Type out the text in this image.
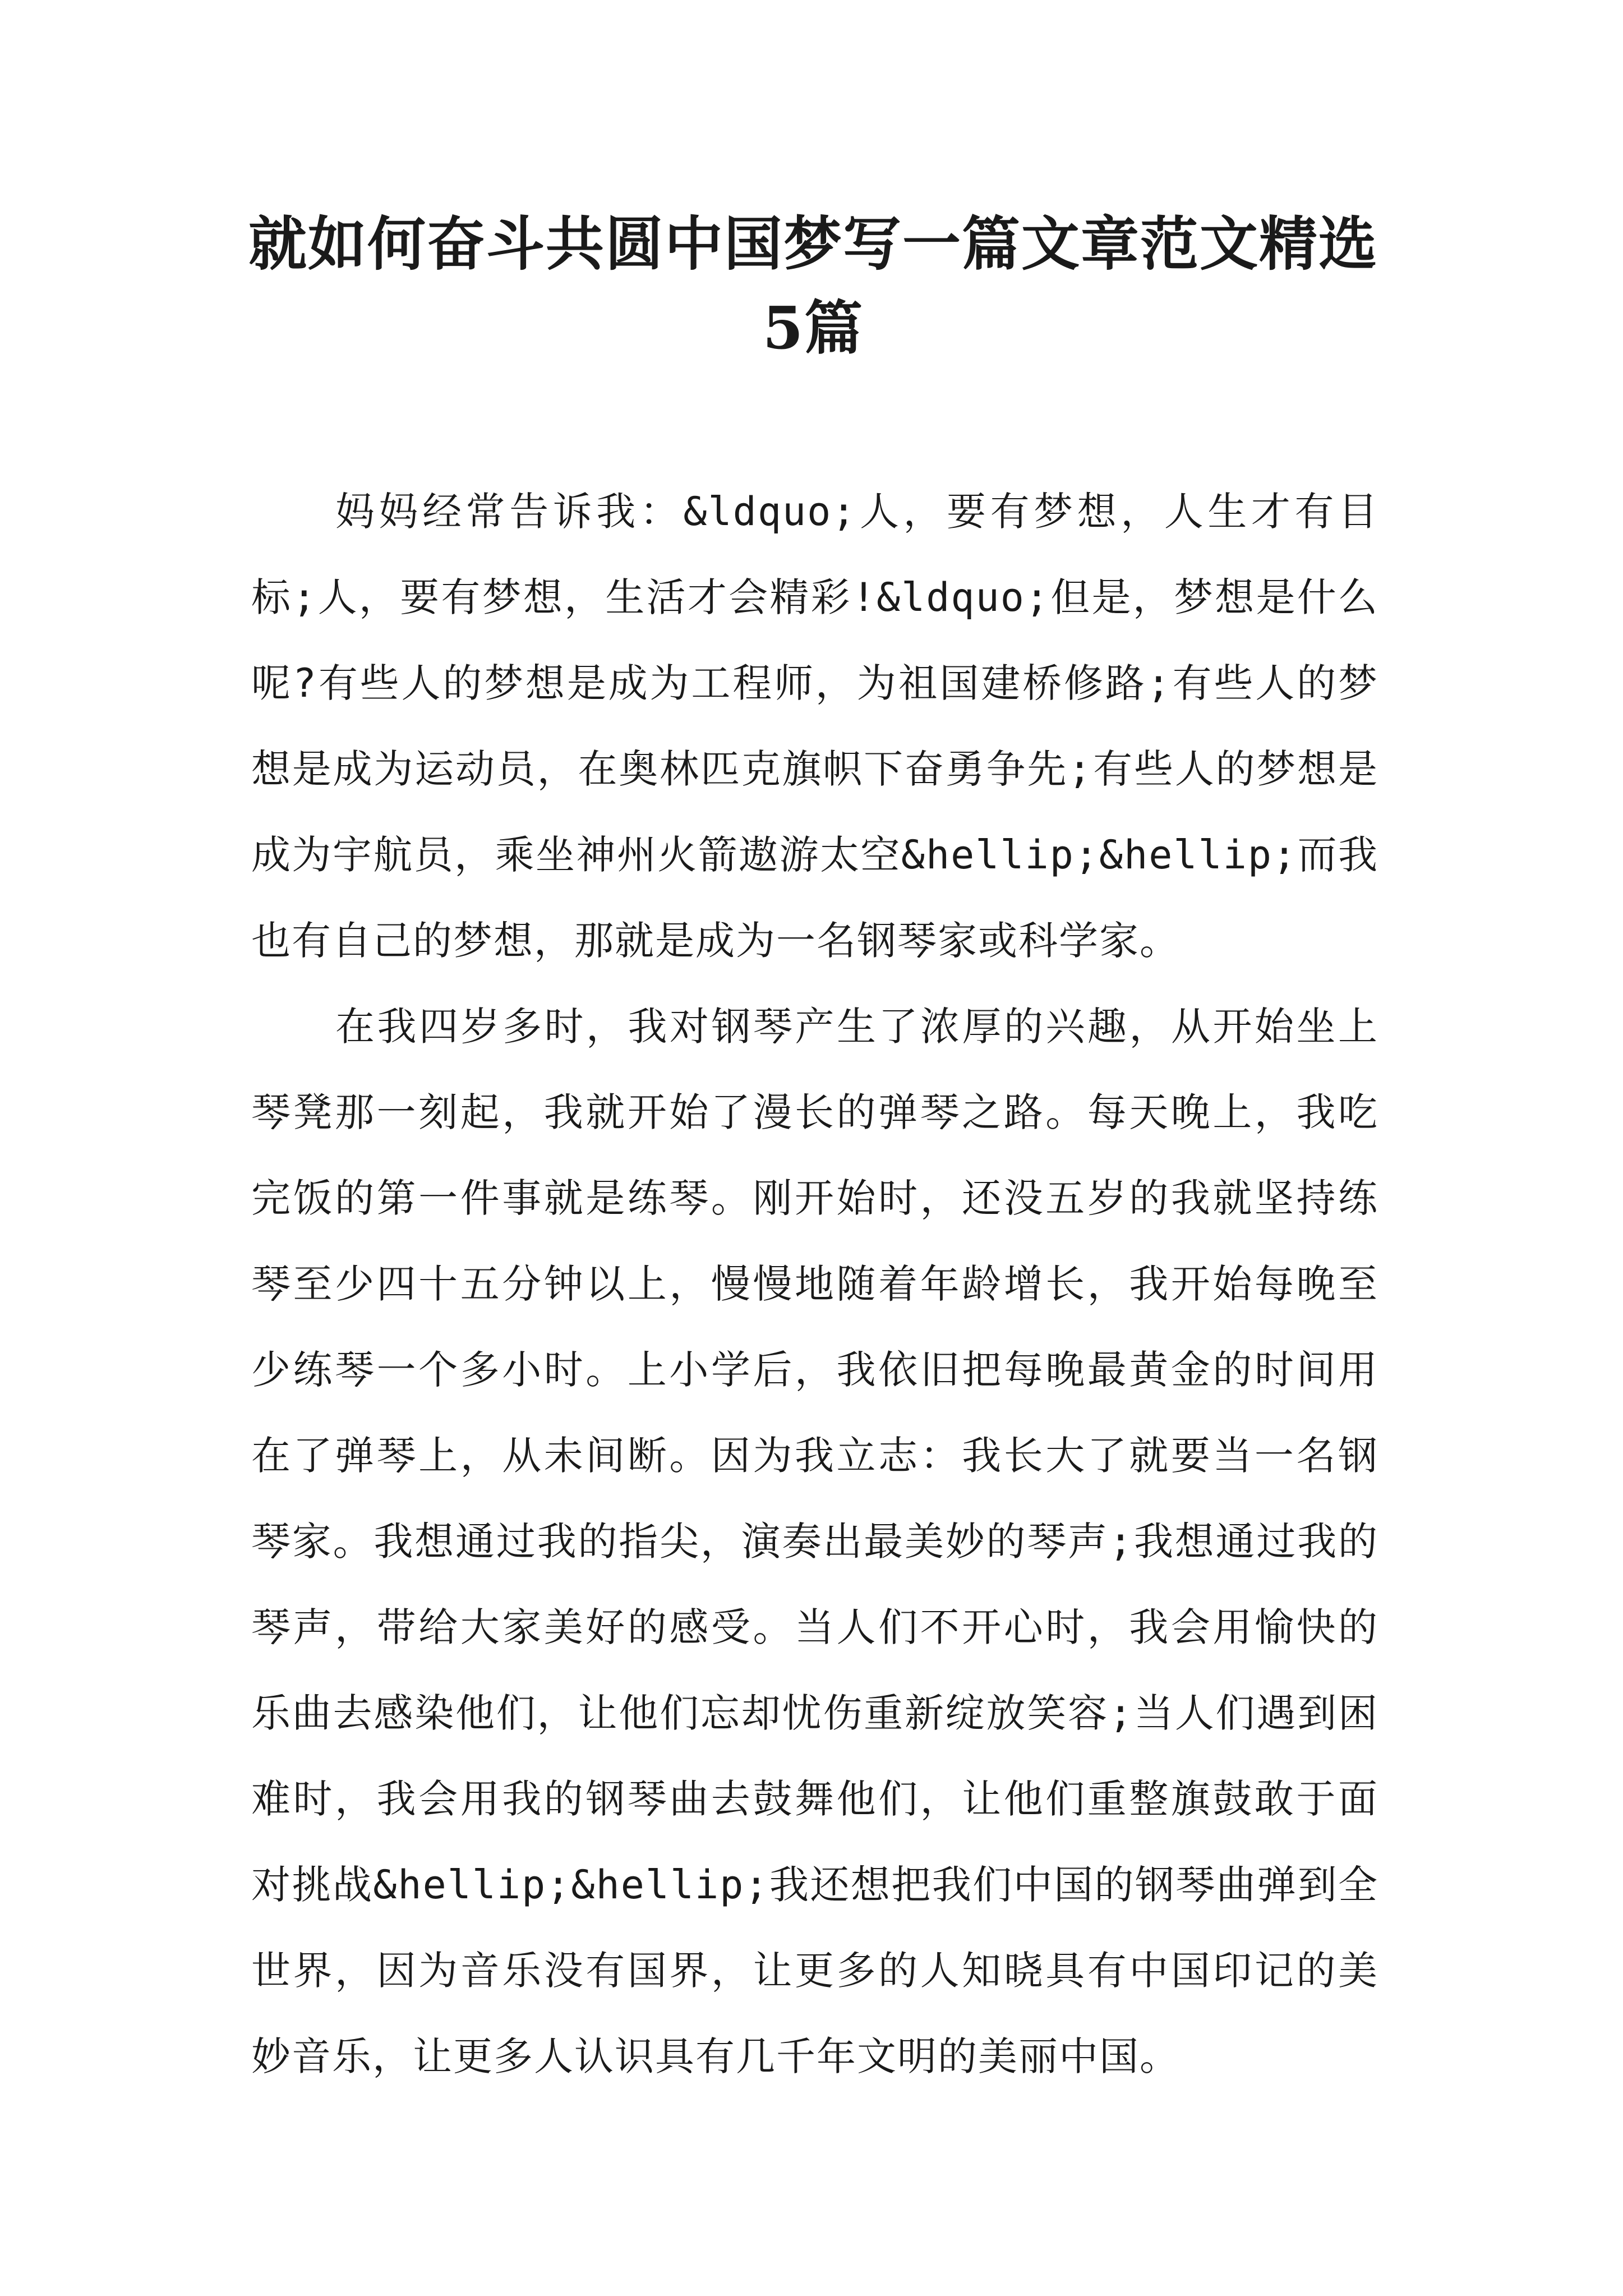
就如何奋斗共圆中国梦写一篇文章范文精选5篇

妈妈经常告诉我：&ldquo;人，要有梦想，人生才有目标;人，要有梦想，生活才会精彩!&ldquo;但是，梦想是什么呢?有些人的梦想是成为工程师，为祖国建桥修路;有些人的梦想是成为运动员，在奥林匹克旗帜下奋勇争先;有些人的梦想是成为宇航员，乘坐神州火箭遨游太空&hellip;&hellip;而我也有自己的梦想，那就是成为一名钢琴家或科学家。

在我四岁多时，我对钢琴产生了浓厚的兴趣，从开始坐上琴凳那一刻起，我就开始了漫长的弹琴之路。每天晚上，我吃完饭的第一件事就是练琴。刚开始时，还没五岁的我就坚持练琴至少四十五分钟以上，慢慢地随着年龄增长，我开始每晚至少练琴一个多小时。上小学后，我依旧把每晚最黄金的时间用在了弹琴上，从未间断。因为我立志：我长大了就要当一名钢琴家。我想通过我的指尖，演奏出最美妙的琴声;我想通过我的琴声，带给大家美好的感受。当人们不开心时，我会用愉快的乐曲去感染他们，让他们忘却忧伤重新绽放笑容;当人们遇到困难时，我会用我的钢琴曲去鼓舞他们，让他们重整旗鼓敢于面对挑战&hellip;&hellip;我还想把我们中国的钢琴曲弹到全世界，因为音乐没有国界，让更多的人知晓具有中国印记的美妙音乐，让更多人认识具有几千年文明的美丽中国。
